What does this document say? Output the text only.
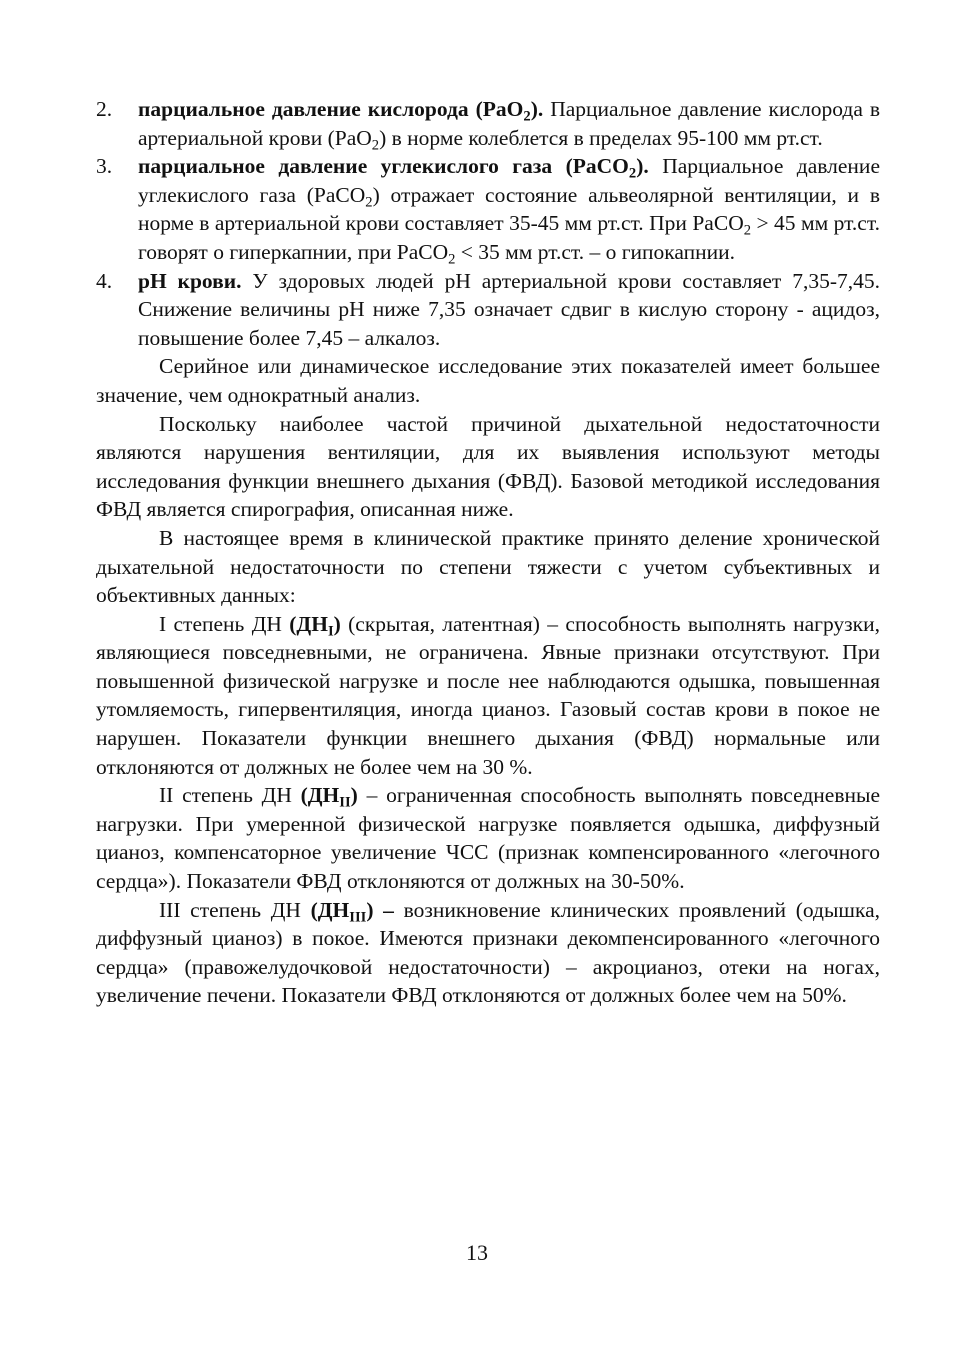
2. парциальное давление кислорода (PaO$_2$). Парциальное давление кислорода в артериальной крови (PaO$_2$) в норме колеблется в пределах 95-100 мм рт.ст.
3. парциальное давление углекислого газа (PaCO$_2$). Парциальное давление углекислого газа (PaCO$_2$) отражает состояние альвеолярной вентиляции, и в норме в артериальной крови составляет 35-45 мм рт.ст. При PaCO$_2$ > 45 мм рт.ст. говорят о гиперкапнии, при PaCO$_2$ < 35 мм рт.ст. – о гипокапнии.
4. рН крови. У здоровых людей рН артериальной крови составляет 7,35-7,45. Снижение величины рН ниже 7,35 означает сдвиг в кислую сторону - ацидоз, повышение более 7,45 – алкалоз.

Серийное или динамическое исследование этих показателей имеет большее значение, чем однократный анализ.

Поскольку наиболее частой причиной дыхательной недостаточности являются нарушения вентиляции, для их выявления используют методы исследования функции внешнего дыхания (ФВД). Базовой методикой исследования ФВД является спирография, описанная ниже.

В настоящее время в клинической практике принято деление хронической дыхательной недостаточности по степени тяжести с учетом субъективных и объективных данных:

I степень ДН $(ДН_I)$ (скрытая, латентная) – способность выполнять нагрузки, являющиеся повседневными, не ограничена. Явные признаки отсутствуют. При повышенной физической нагрузке и после нее наблюдаются одышка, повышенная утомляемость, гипервентиляция, иногда цианоз. Газовый состав крови в покое не нарушен. Показатели функции внешнего дыхания (ФВД) нормальные или отклоняются от должных не более чем на 30 %.

II степень ДН $(ДН_{II})$ – ограниченная способность выполнять повседневные нагрузки. При умеренной физической нагрузке появляется одышка, диффузный цианоз, компенсаторное увеличение ЧСС (признак компенсированного «легочного сердца»). Показатели ФВД отклоняются от должных на 30-50%.

III степень ДН $(ДН_{III})$ – возникновение клинических проявлений (одышка, диффузный цианоз) в покое. Имеются признаки декомпенсированного «легочного сердца» (правожелудочковой недостаточности) – акроцианоз, отеки на ногах, увеличение печени. Показатели ФВД отклоняются от должных более чем на 50%.

13
